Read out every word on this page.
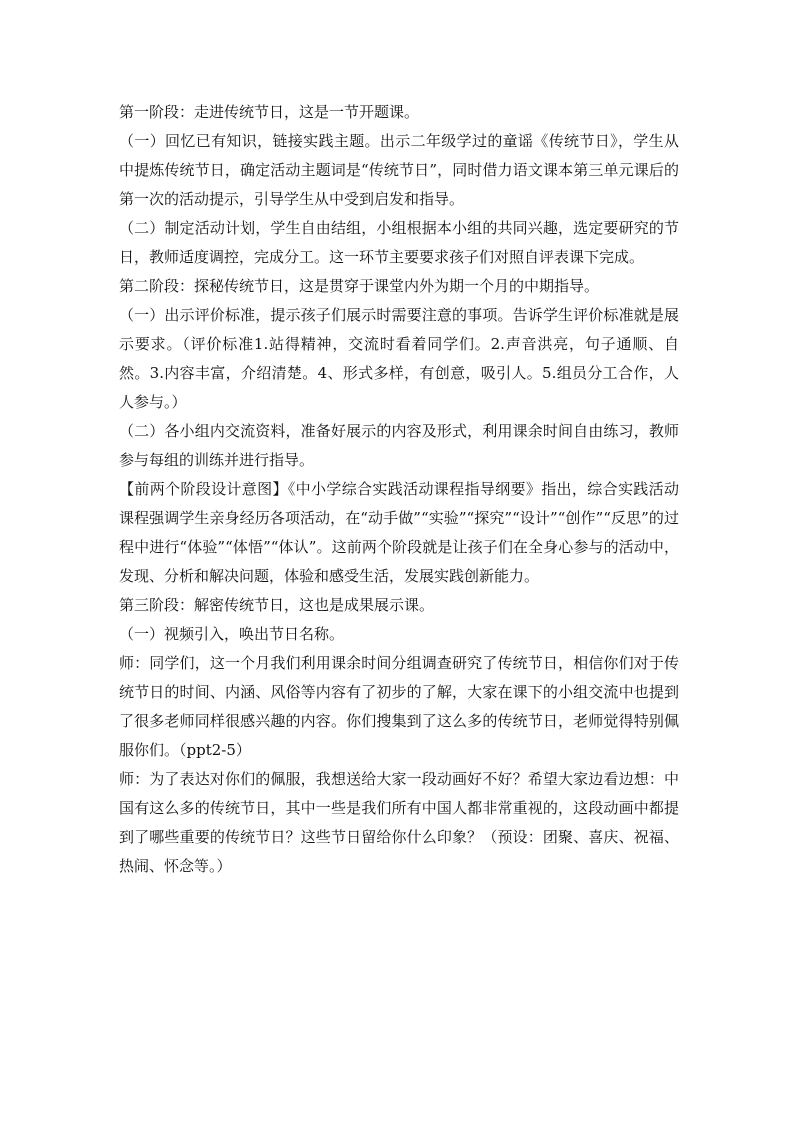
第一阶段：走进传统节日，这是一节开题课。

（一）回忆已有知识，链接实践主题。出示二年级学过的童谣《传统节日》，学生从中提炼传统节日，确定活动主题词是“传统节日”，同时借力语文课本第三单元课后的第一次的活动提示，引导学生从中受到启发和指导。

（二）制定活动计划，学生自由结组，小组根据本小组的共同兴趣，选定要研究的节日，教师适度调控，完成分工。这一环节主要要求孩子们对照自评表课下完成。

第二阶段：探秘传统节日，这是贯穿于课堂内外为期一个月的中期指导。

（一）出示评价标准，提示孩子们展示时需要注意的事项。告诉学生评价标准就是展示要求。（评价标准1.站得精神，交流时看着同学们。2.声音洪亮，句子通顺、自然。3.内容丰富，介绍清楚。4、形式多样，有创意，吸引人。5.组员分工合作，人人参与。）

（二）各小组内交流资料，准备好展示的内容及形式，利用课余时间自由练习，教师参与每组的训练并进行指导。

【前两个阶段设计意图】《中小学综合实践活动课程指导纲要》指出，综合实践活动课程强调学生亲身经历各项活动，在“动手做”“实验”“探究”“设计”“创作”“反思”的过程中进行“体验”“体悟”“体认”。这前两个阶段就是让孩子们在全身心参与的活动中，发现、分析和解决问题，体验和感受生活，发展实践创新能力。

第三阶段：解密传统节日，这也是成果展示课。

（一）视频引入，唤出节日名称。

师：同学们，这一个月我们利用课余时间分组调查研究了传统节日，相信你们对于传统节日的时间、内涵、风俗等内容有了初步的了解，大家在课下的小组交流中也提到了很多老师同样很感兴趣的内容。你们搜集到了这么多的传统节日，老师觉得特别佩服你们。（ppt2-5）

师：为了表达对你们的佩服，我想送给大家一段动画好不好？希望大家边看边想：中国有这么多的传统节日，其中一些是我们所有中国人都非常重视的，这段动画中都提到了哪些重要的传统节日？这些节日留给你什么印象？（预设：团聚、喜庆、祝福、热闹、怀念等。）
